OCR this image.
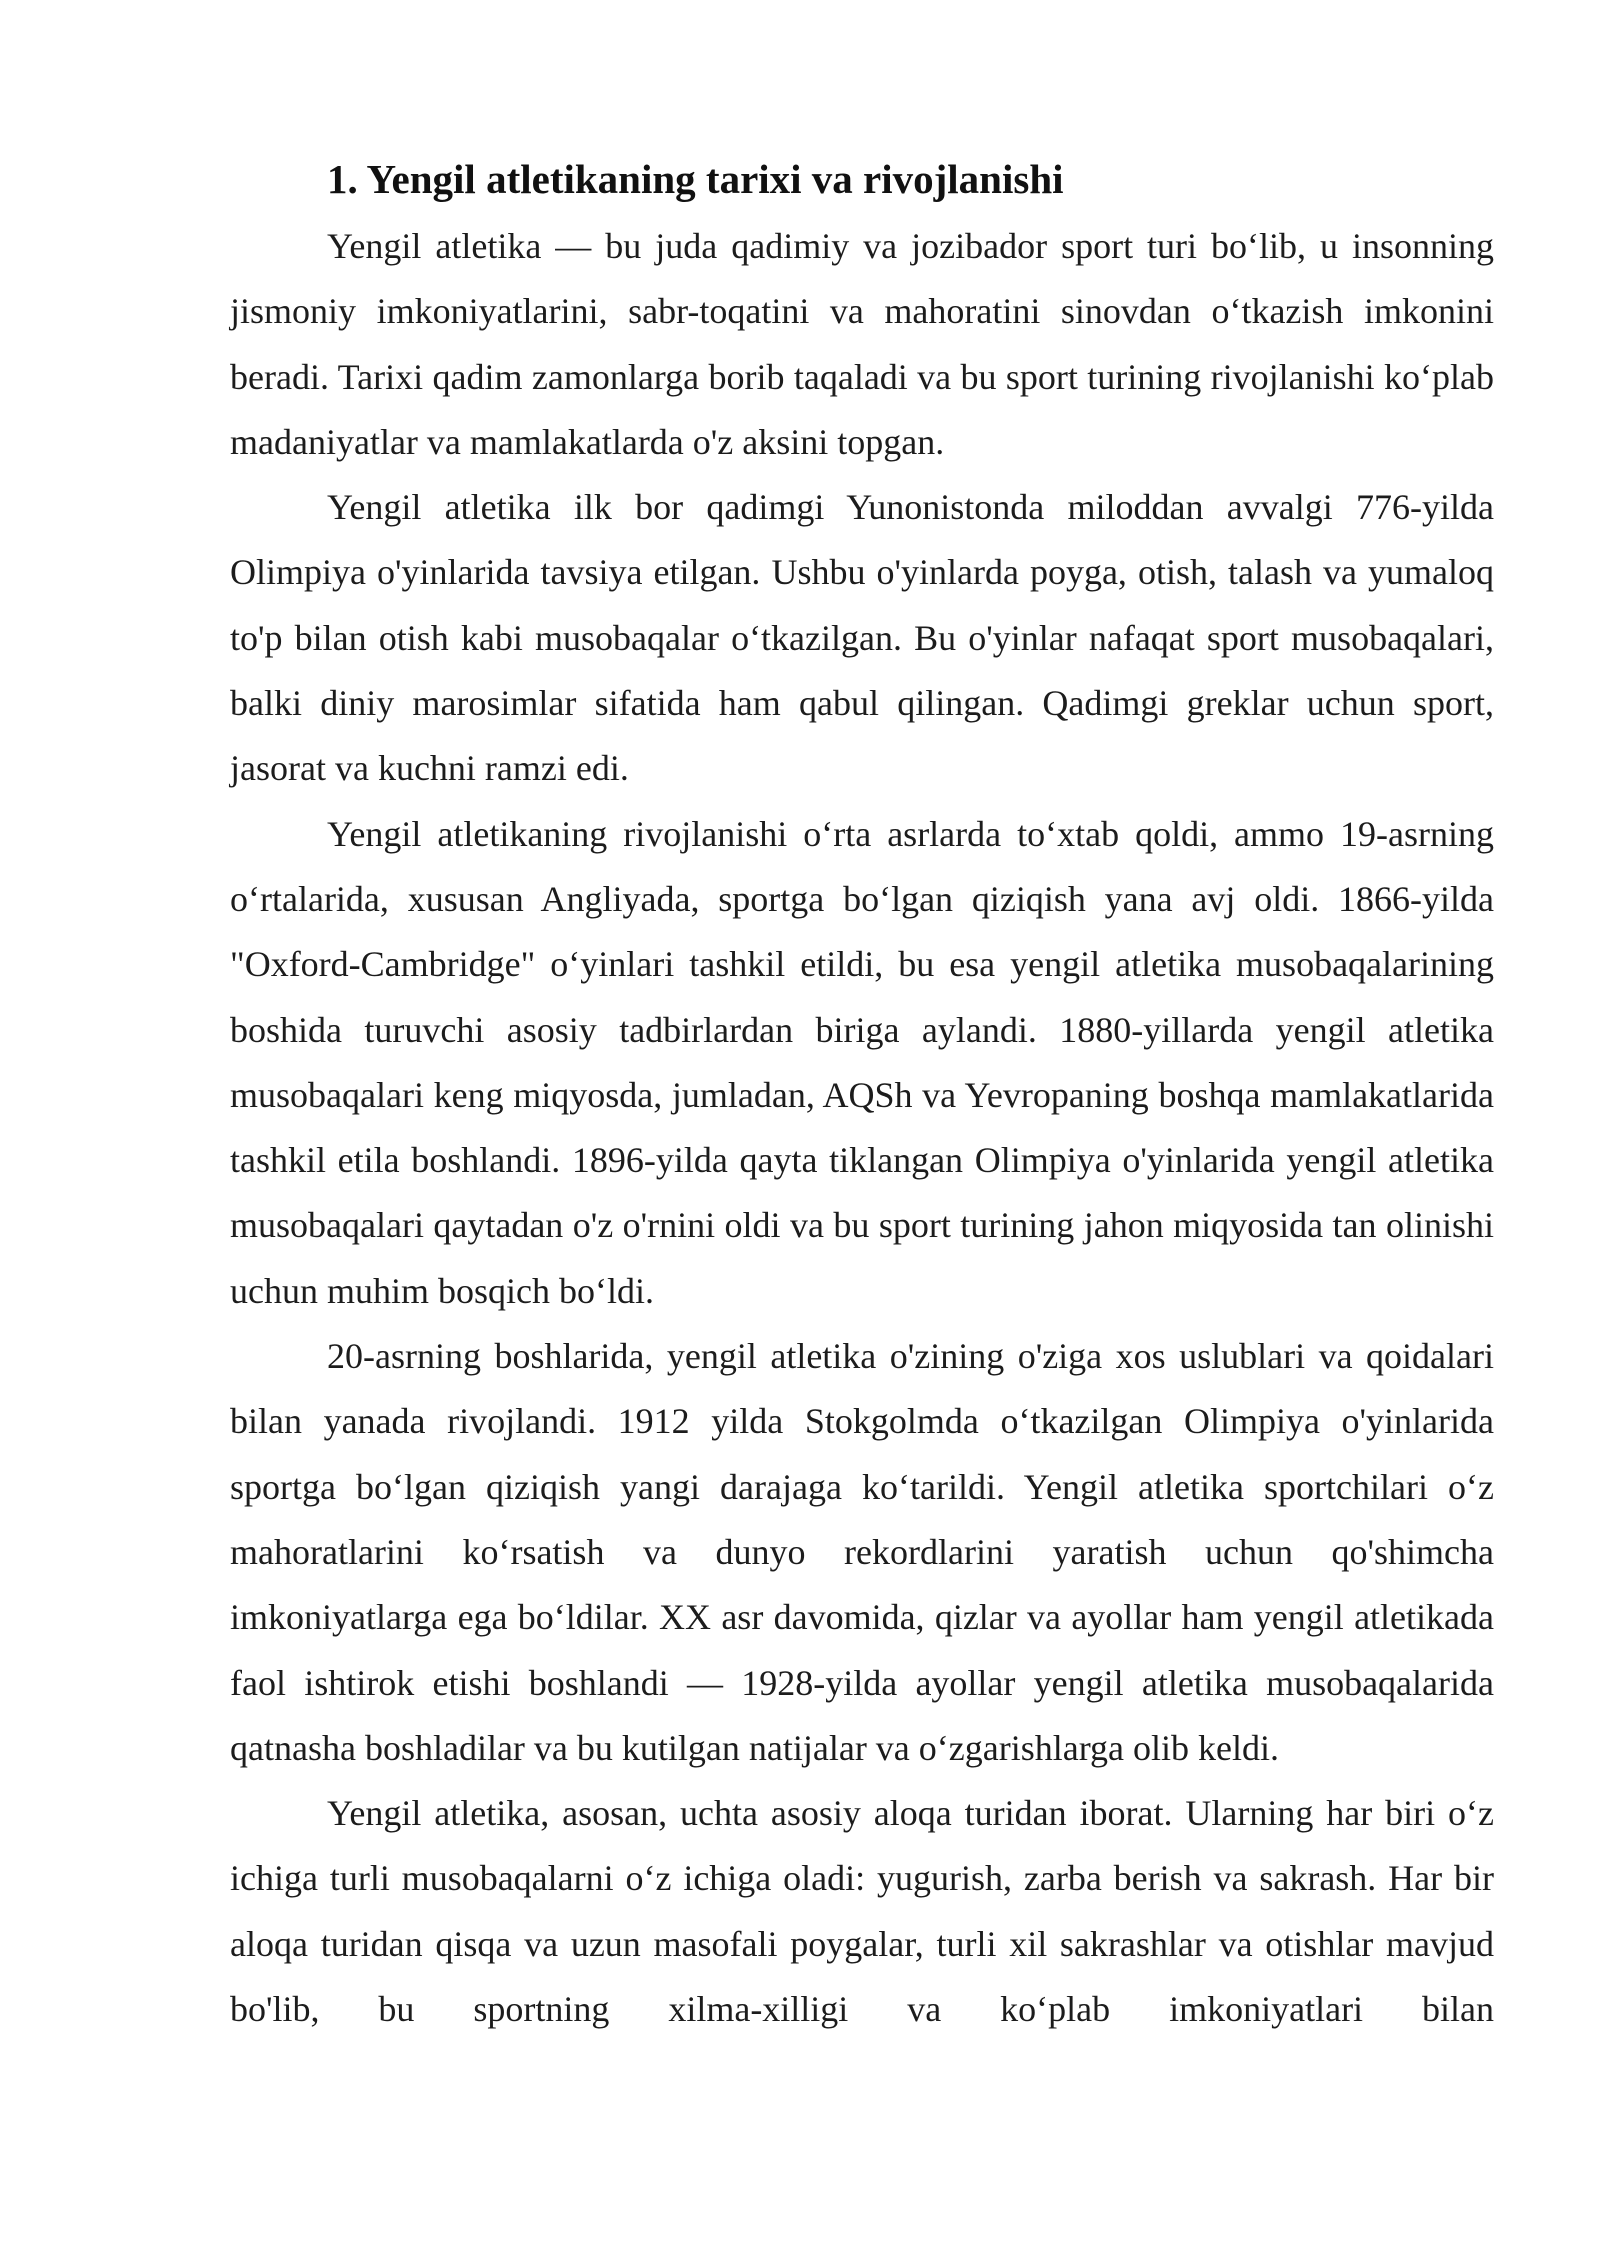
1. Yengil atletikaning tarixi va rivojlanishi

Yengil atletika — bu juda qadimiy va jozibador sport turi bo‘lib, u insonning jismoniy imkoniyatlarini, sabr-toqatini va mahoratini sinovdan o‘tkazish imkonini beradi. Tarixi qadim zamonlarga borib taqaladi va bu sport turining rivojlanishi ko‘plab madaniyatlar va mamlakatlarda o'z aksini topgan.

Yengil atletika ilk bor qadimgi Yunonistonda miloddan avvalgi 776-yilda Olimpiya o'yinlarida tavsiya etilgan. Ushbu o'yinlarda poyga, otish, talash va yumaloq to'p bilan otish kabi musobaqalar o‘tkazilgan. Bu o'yinlar nafaqat sport musobaqalari, balki diniy marosimlar sifatida ham qabul qilingan. Qadimgi greklar uchun sport, jasorat va kuchni ramzi edi.

Yengil atletikaning rivojlanishi o‘rta asrlarda to‘xtab qoldi, ammo 19-asrning o‘rtalarida, xususan Angliyada, sportga bo‘lgan qiziqish yana avj oldi. 1866-yilda "Oxford-Cambridge" o‘yinlari tashkil etildi, bu esa yengil atletika musobaqalarining boshida turuvchi asosiy tadbirlardan biriga aylandi. 1880-yillarda yengil atletika musobaqalari keng miqyosda, jumladan, AQSh va Yevropaning boshqa mamlakatlarida tashkil etila boshlandi. 1896-yilda qayta tiklangan Olimpiya o'yinlarida yengil atletika musobaqalari qaytadan o'z o'rnini oldi va bu sport turining jahon miqyosida tan olinishi uchun muhim bosqich bo‘ldi.

20-asrning boshlarida, yengil atletika o'zining o'ziga xos uslublari va qoidalari bilan yanada rivojlandi. 1912 yilda Stokgolmda o‘tkazilgan Olimpiya o'yinlarida sportga bo‘lgan qiziqish yangi darajaga ko‘tarildi. Yengil atletika sportchilari o‘z mahoratlarini ko‘rsatish va dunyo rekordlarini yaratish uchun qo'shimcha imkoniyatlarga ega bo‘ldilar. XX asr davomida, qizlar va ayollar ham yengil atletikada faol ishtirok etishi boshlandi — 1928-yilda ayollar yengil atletika musobaqalarida qatnasha boshladilar va bu kutilgan natijalar va o‘zgarishlarga olib keldi.

Yengil atletika, asosan, uchta asosiy aloqa turidan iborat. Ularning har biri o‘z ichiga turli musobaqalarni o‘z ichiga oladi: yugurish, zarba berish va sakrash. Har bir aloqa turidan qisqa va uzun masofali poygalar, turli xil sakrashlar va otishlar mavjud bo'lib, bu sportning xilma-xilligi va ko‘plab imkoniyatlari bilan
